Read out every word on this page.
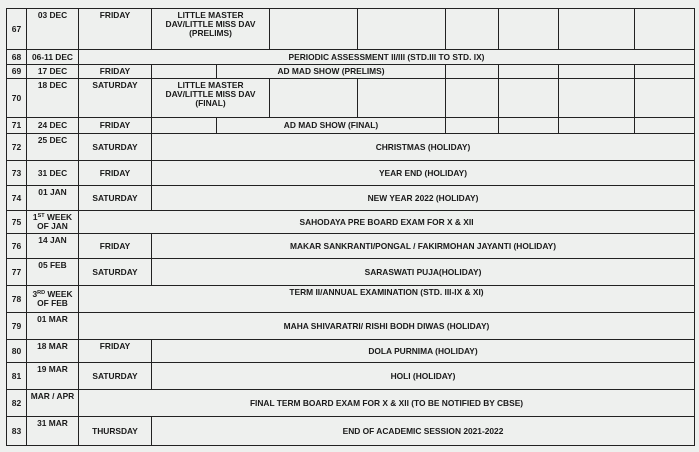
67	03 DEC	FRIDAY	LITTLE MASTER DAV/LITTLE MISS DAV (PRELIMS)							
68	06-11 DEC	PERIODIC ASSESSMENT II/III (STD.III TO STD. IX)								
69	17 DEC	FRIDAY		AD MAD SHOW (PRELIMS)						
70	18 DEC	SATURDAY	LITTLE MASTER DAV/LITTLE MISS DAV (FINAL)							
71	24 DEC	FRIDAY		AD MAD SHOW (FINAL)						
72	25 DEC	SATURDAY	CHRISTMAS (HOLIDAY)							
73	31 DEC	FRIDAY	YEAR END (HOLIDAY)							
74	01 JAN	SATURDAY	NEW YEAR 2022 (HOLIDAY)							
75	1ST WEEK OF JAN	SAHODAYA PRE BOARD EXAM FOR X & XII								
76	14 JAN	FRIDAY	MAKAR SANKRANTI/PONGAL / FAKIRMOHAN JAYANTI (HOLIDAY)							
77	05 FEB	SATURDAY	SARASWATI PUJA(HOLIDAY)							
78	3RD WEEK OF FEB	TERM II/ANNUAL EXAMINATION (STD. III-IX & XI)								
79	01 MAR	MAHA SHIVARATRI/ RISHI BODH DIWAS (HOLIDAY)								
80	18 MAR	FRIDAY	DOLA PURNIMA (HOLIDAY)							
81	19 MAR	SATURDAY	HOLI (HOLIDAY)							
82	MAR / APR	FINAL TERM BOARD EXAM FOR X & XII (TO BE NOTIFIED BY CBSE)								
83	31 MAR	THURSDAY	END OF ACADEMIC SESSION 2021-2022							
